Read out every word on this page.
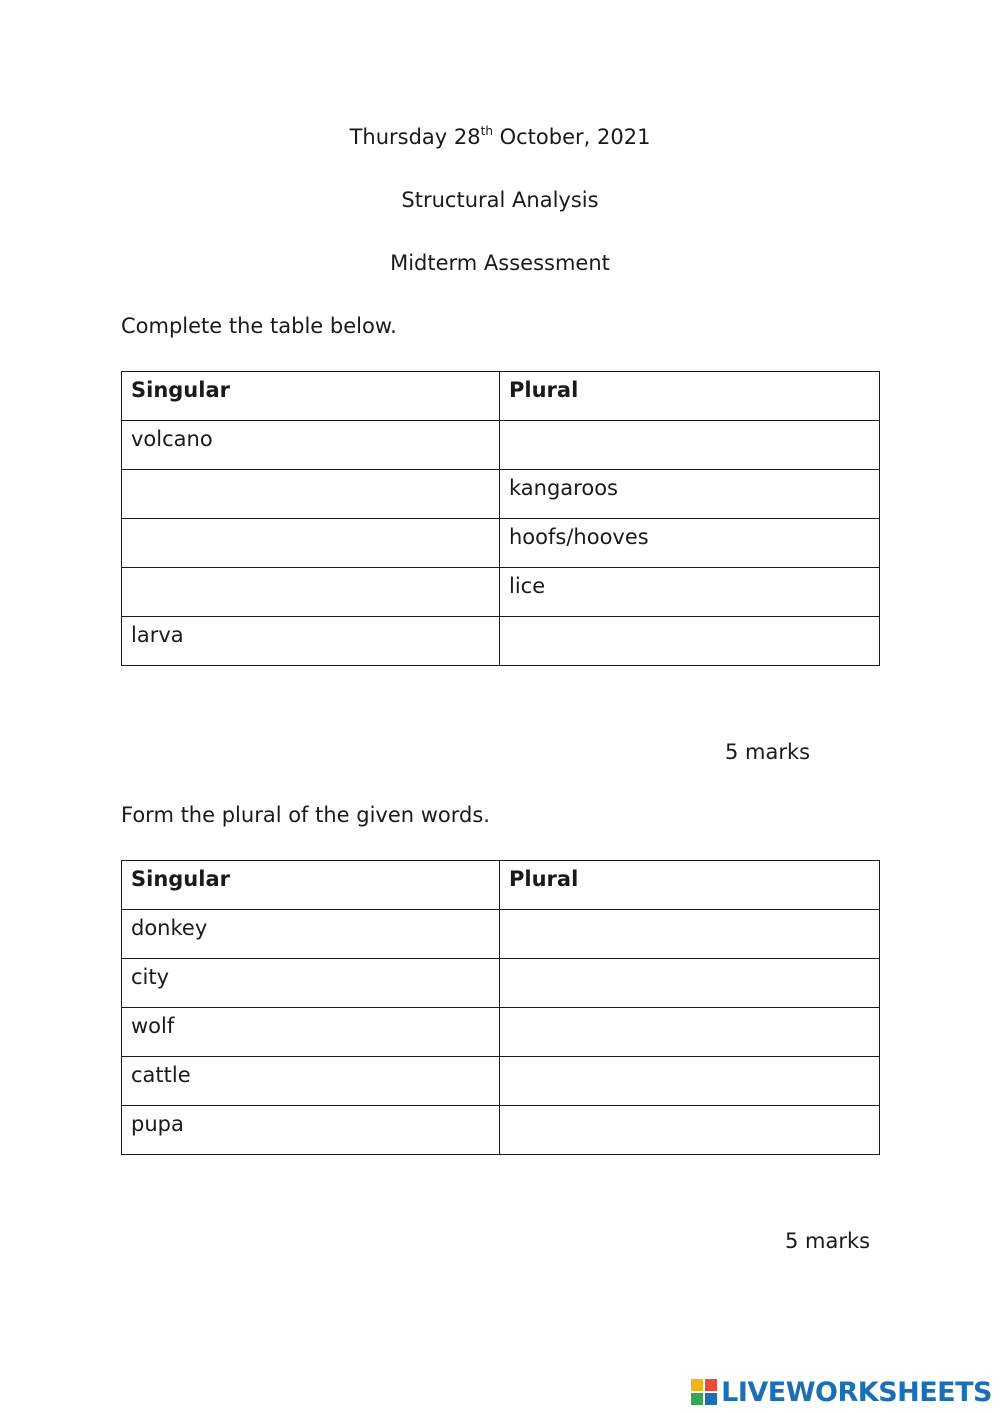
Thursday 28th October, 2021
Structural Analysis
Midterm Assessment
Complete the table below.
Singular	Plural
volcano	
	kangaroos
	hoofs/hooves
	lice
larva	
5 marks
Form the plural of the given words.
Singular	Plural
donkey	
city	
wolf	
cattle	
pupa	
5 marks
LIVEWORKSHEETS
